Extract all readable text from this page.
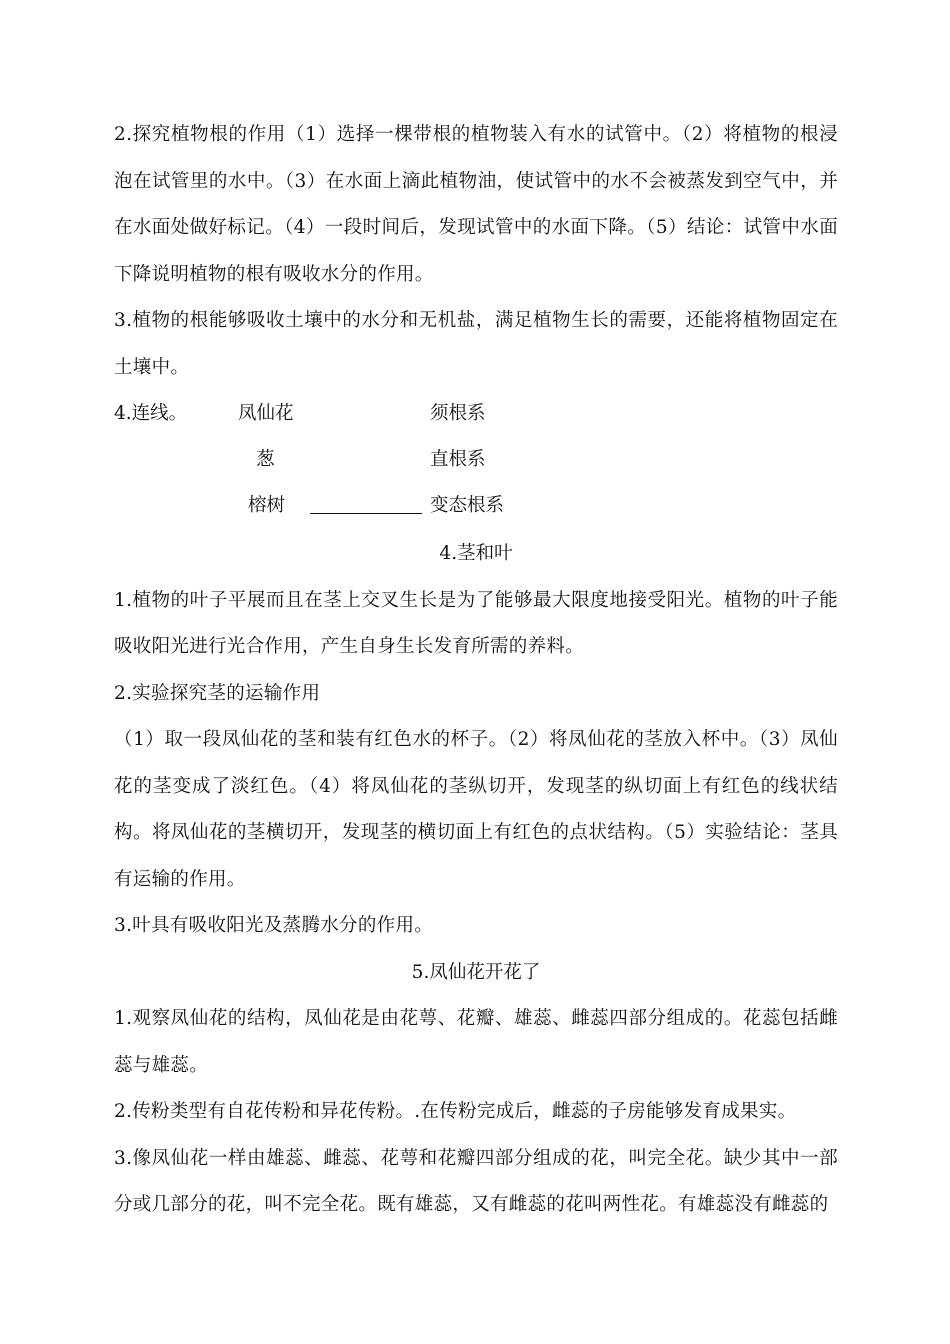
2.探究植物根的作用（1）选择一棵带根的植物装入有水的试管中。（2）将植物的根浸泡在试管里的水中。（3）在水面上滴此植物油，使试管中的水不会被蒸发到空气中，并在水面处做好标记。（4）一段时间后，发现试管中的水面下降。（5）结论：试管中水面下降说明植物的根有吸收水分的作用。

3.植物的根能够吸收土壤中的水分和无机盐，满足植物生长的需要，还能将植物固定在土壤中。

4.连线。	凤仙花
葱
榕树
须根系
直根系
变态根系

4.茎和叶

1.植物的叶子平展而且在茎上交叉生长是为了能够最大限度地接受阳光。植物的叶子能吸收阳光进行光合作用，产生自身生长发育所需的养料。

2.实验探究茎的运输作用

（1）取一段凤仙花的茎和装有红色水的杯子。（2）将凤仙花的茎放入杯中。（3）凤仙花的茎变成了淡红色。（4）将凤仙花的茎纵切开，发现茎的纵切面上有红色的线状结构。将凤仙花的茎横切开，发现茎的横切面上有红色的点状结构。（5）实验结论：茎具有运输的作用。

3.叶具有吸收阳光及蒸腾水分的作用。

5.凤仙花开花了

1.观察凤仙花的结构，凤仙花是由花萼、花瓣、雄蕊、雌蕊四部分组成的。花蕊包括雌蕊与雄蕊。

2.传粉类型有自花传粉和异花传粉。.在传粉完成后，雌蕊的子房能够发育成果实。

3.像凤仙花一样由雄蕊、雌蕊、花萼和花瓣四部分组成的花，叫完全花。缺少其中一部分或几部分的花，叫不完全花。既有雄蕊，又有雌蕊的花叫两性花。有雄蕊没有雌蕊的
